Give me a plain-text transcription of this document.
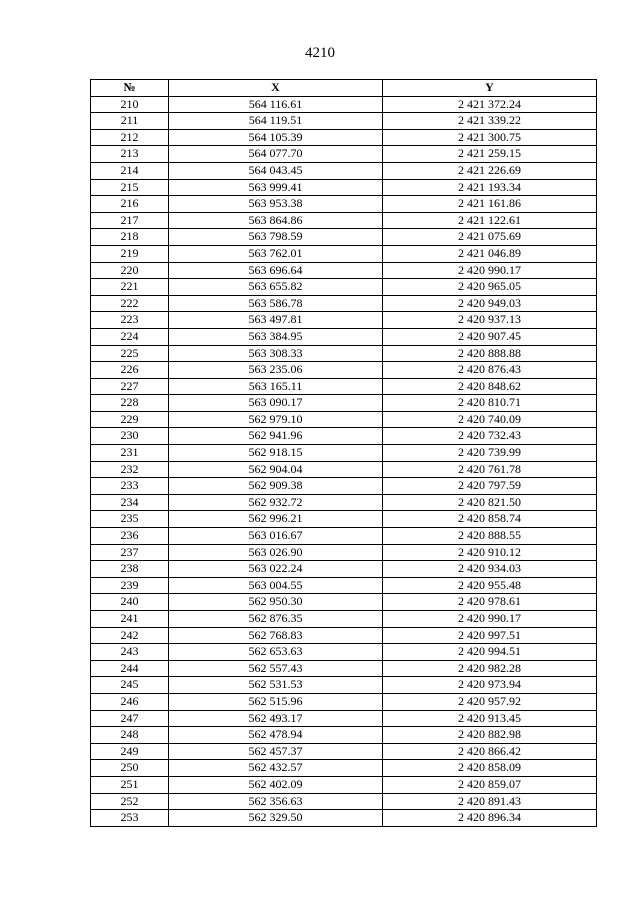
4210
№	X	Y
210	564 116.61	2 421 372.24
211	564 119.51	2 421 339.22
212	564 105.39	2 421 300.75
213	564 077.70	2 421 259.15
214	564 043.45	2 421 226.69
215	563 999.41	2 421 193.34
216	563 953.38	2 421 161.86
217	563 864.86	2 421 122.61
218	563 798.59	2 421 075.69
219	563 762.01	2 421 046.89
220	563 696.64	2 420 990.17
221	563 655.82	2 420 965.05
222	563 586.78	2 420 949.03
223	563 497.81	2 420 937.13
224	563 384.95	2 420 907.45
225	563 308.33	2 420 888.88
226	563 235.06	2 420 876.43
227	563 165.11	2 420 848.62
228	563 090.17	2 420 810.71
229	562 979.10	2 420 740.09
230	562 941.96	2 420 732.43
231	562 918.15	2 420 739.99
232	562 904.04	2 420 761.78
233	562 909.38	2 420 797.59
234	562 932.72	2 420 821.50
235	562 996.21	2 420 858.74
236	563 016.67	2 420 888.55
237	563 026.90	2 420 910.12
238	563 022.24	2 420 934.03
239	563 004.55	2 420 955.48
240	562 950.30	2 420 978.61
241	562 876.35	2 420 990.17
242	562 768.83	2 420 997.51
243	562 653.63	2 420 994.51
244	562 557.43	2 420 982.28
245	562 531.53	2 420 973.94
246	562 515.96	2 420 957.92
247	562 493.17	2 420 913.45
248	562 478.94	2 420 882.98
249	562 457.37	2 420 866.42
250	562 432.57	2 420 858.09
251	562 402.09	2 420 859.07
252	562 356.63	2 420 891.43
253	562 329.50	2 420 896.34
